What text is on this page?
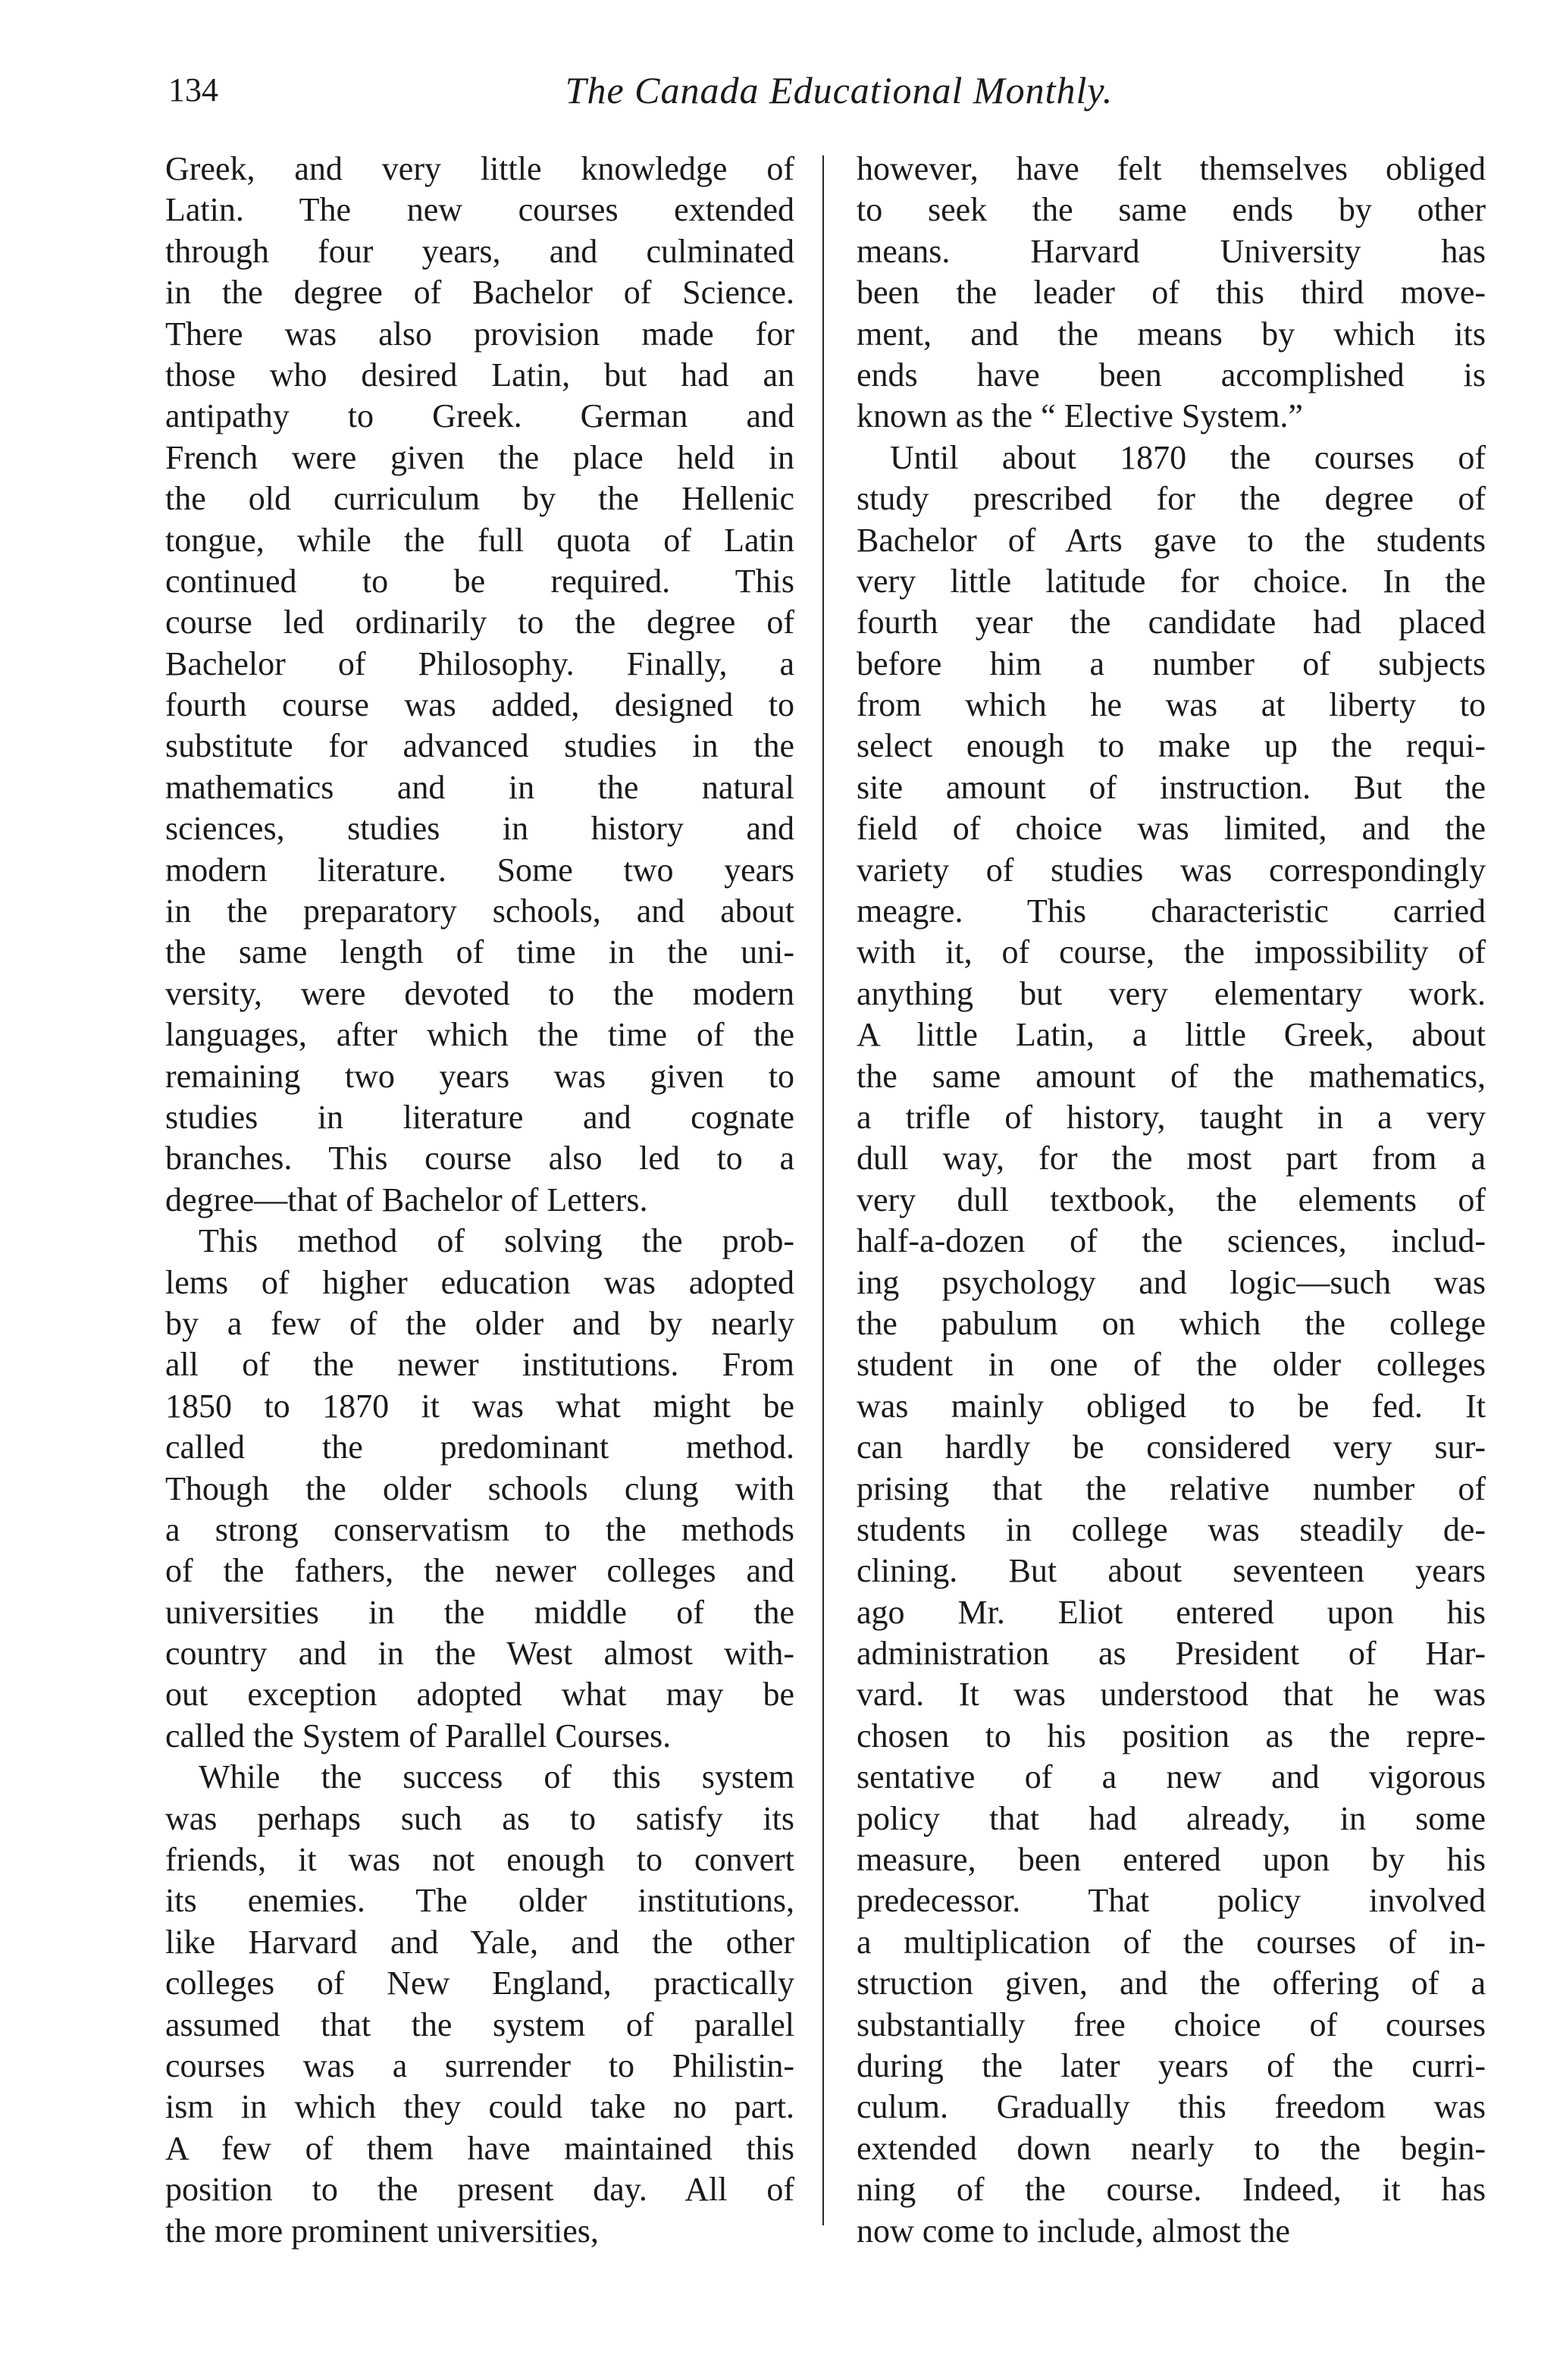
134	The Canada Educational Monthly.
Greek, and very little knowledge of
Latin. The new courses extended
through four years, and culminated
in the degree of Bachelor of Science.
There was also provision made for
those who desired Latin, but had an
antipathy to Greek. German and
French were given the place held in
the old curriculum by the Hellenic
tongue, while the full quota of Latin
continued to be required. This
course led ordinarily to the degree of
Bachelor of Philosophy. Finally, a
fourth course was added, designed to
substitute for advanced studies in the
mathematics and in the natural
sciences, studies in history and
modern literature. Some two years
in the preparatory schools, and about
the same length of time in the uni-
versity, were devoted to the modern
languages, after which the time of the
remaining two years was given to
studies in literature and cognate
branches. This course also led to a
degree—that of Bachelor of Letters.
This method of solving the prob-
lems of higher education was adopted
by a few of the older and by nearly
all of the newer institutions. From
1850 to 1870 it was what might be
called the predominant method.
Though the older schools clung with
a strong conservatism to the methods
of the fathers, the newer colleges and
universities in the middle of the
country and in the West almost with-
out exception adopted what may be
called the System of Parallel Courses.
While the success of this system
was perhaps such as to satisfy its
friends, it was not enough to convert
its enemies. The older institutions,
like Harvard and Yale, and the other
colleges of New England, practically
assumed that the system of parallel
courses was a surrender to Philistin-
ism in which they could take no part.
A few of them have maintained this
position to the present day. All of
the more prominent universities,
however, have felt themselves obliged
to seek the same ends by other
means. Harvard University has
been the leader of this third move-
ment, and the means by which its
ends have been accomplished is
known as the “ Elective System.”
Until about 1870 the courses of
study prescribed for the degree of
Bachelor of Arts gave to the students
very little latitude for choice. In the
fourth year the candidate had placed
before him a number of subjects
from which he was at liberty to
select enough to make up the requi-
site amount of instruction. But the
field of choice was limited, and the
variety of studies was correspondingly
meagre. This characteristic carried
with it, of course, the impossibility of
anything but very elementary work.
A little Latin, a little Greek, about
the same amount of the mathematics,
a trifle of history, taught in a very
dull way, for the most part from a
very dull textbook, the elements of
half-a-dozen of the sciences, includ-
ing psychology and logic—such was
the pabulum on which the college
student in one of the older colleges
was mainly obliged to be fed. It
can hardly be considered very sur-
prising that the relative number of
students in college was steadily de-
clining. But about seventeen years
ago Mr. Eliot entered upon his
administration as President of Har-
vard. It was understood that he was
chosen to his position as the repre-
sentative of a new and vigorous
policy that had already, in some
measure, been entered upon by his
predecessor. That policy involved
a multiplication of the courses of in-
struction given, and the offering of a
substantially free choice of courses
during the later years of the curri-
culum. Gradually this freedom was
extended down nearly to the begin-
ning of the course. Indeed, it has
now come to include, almost the
